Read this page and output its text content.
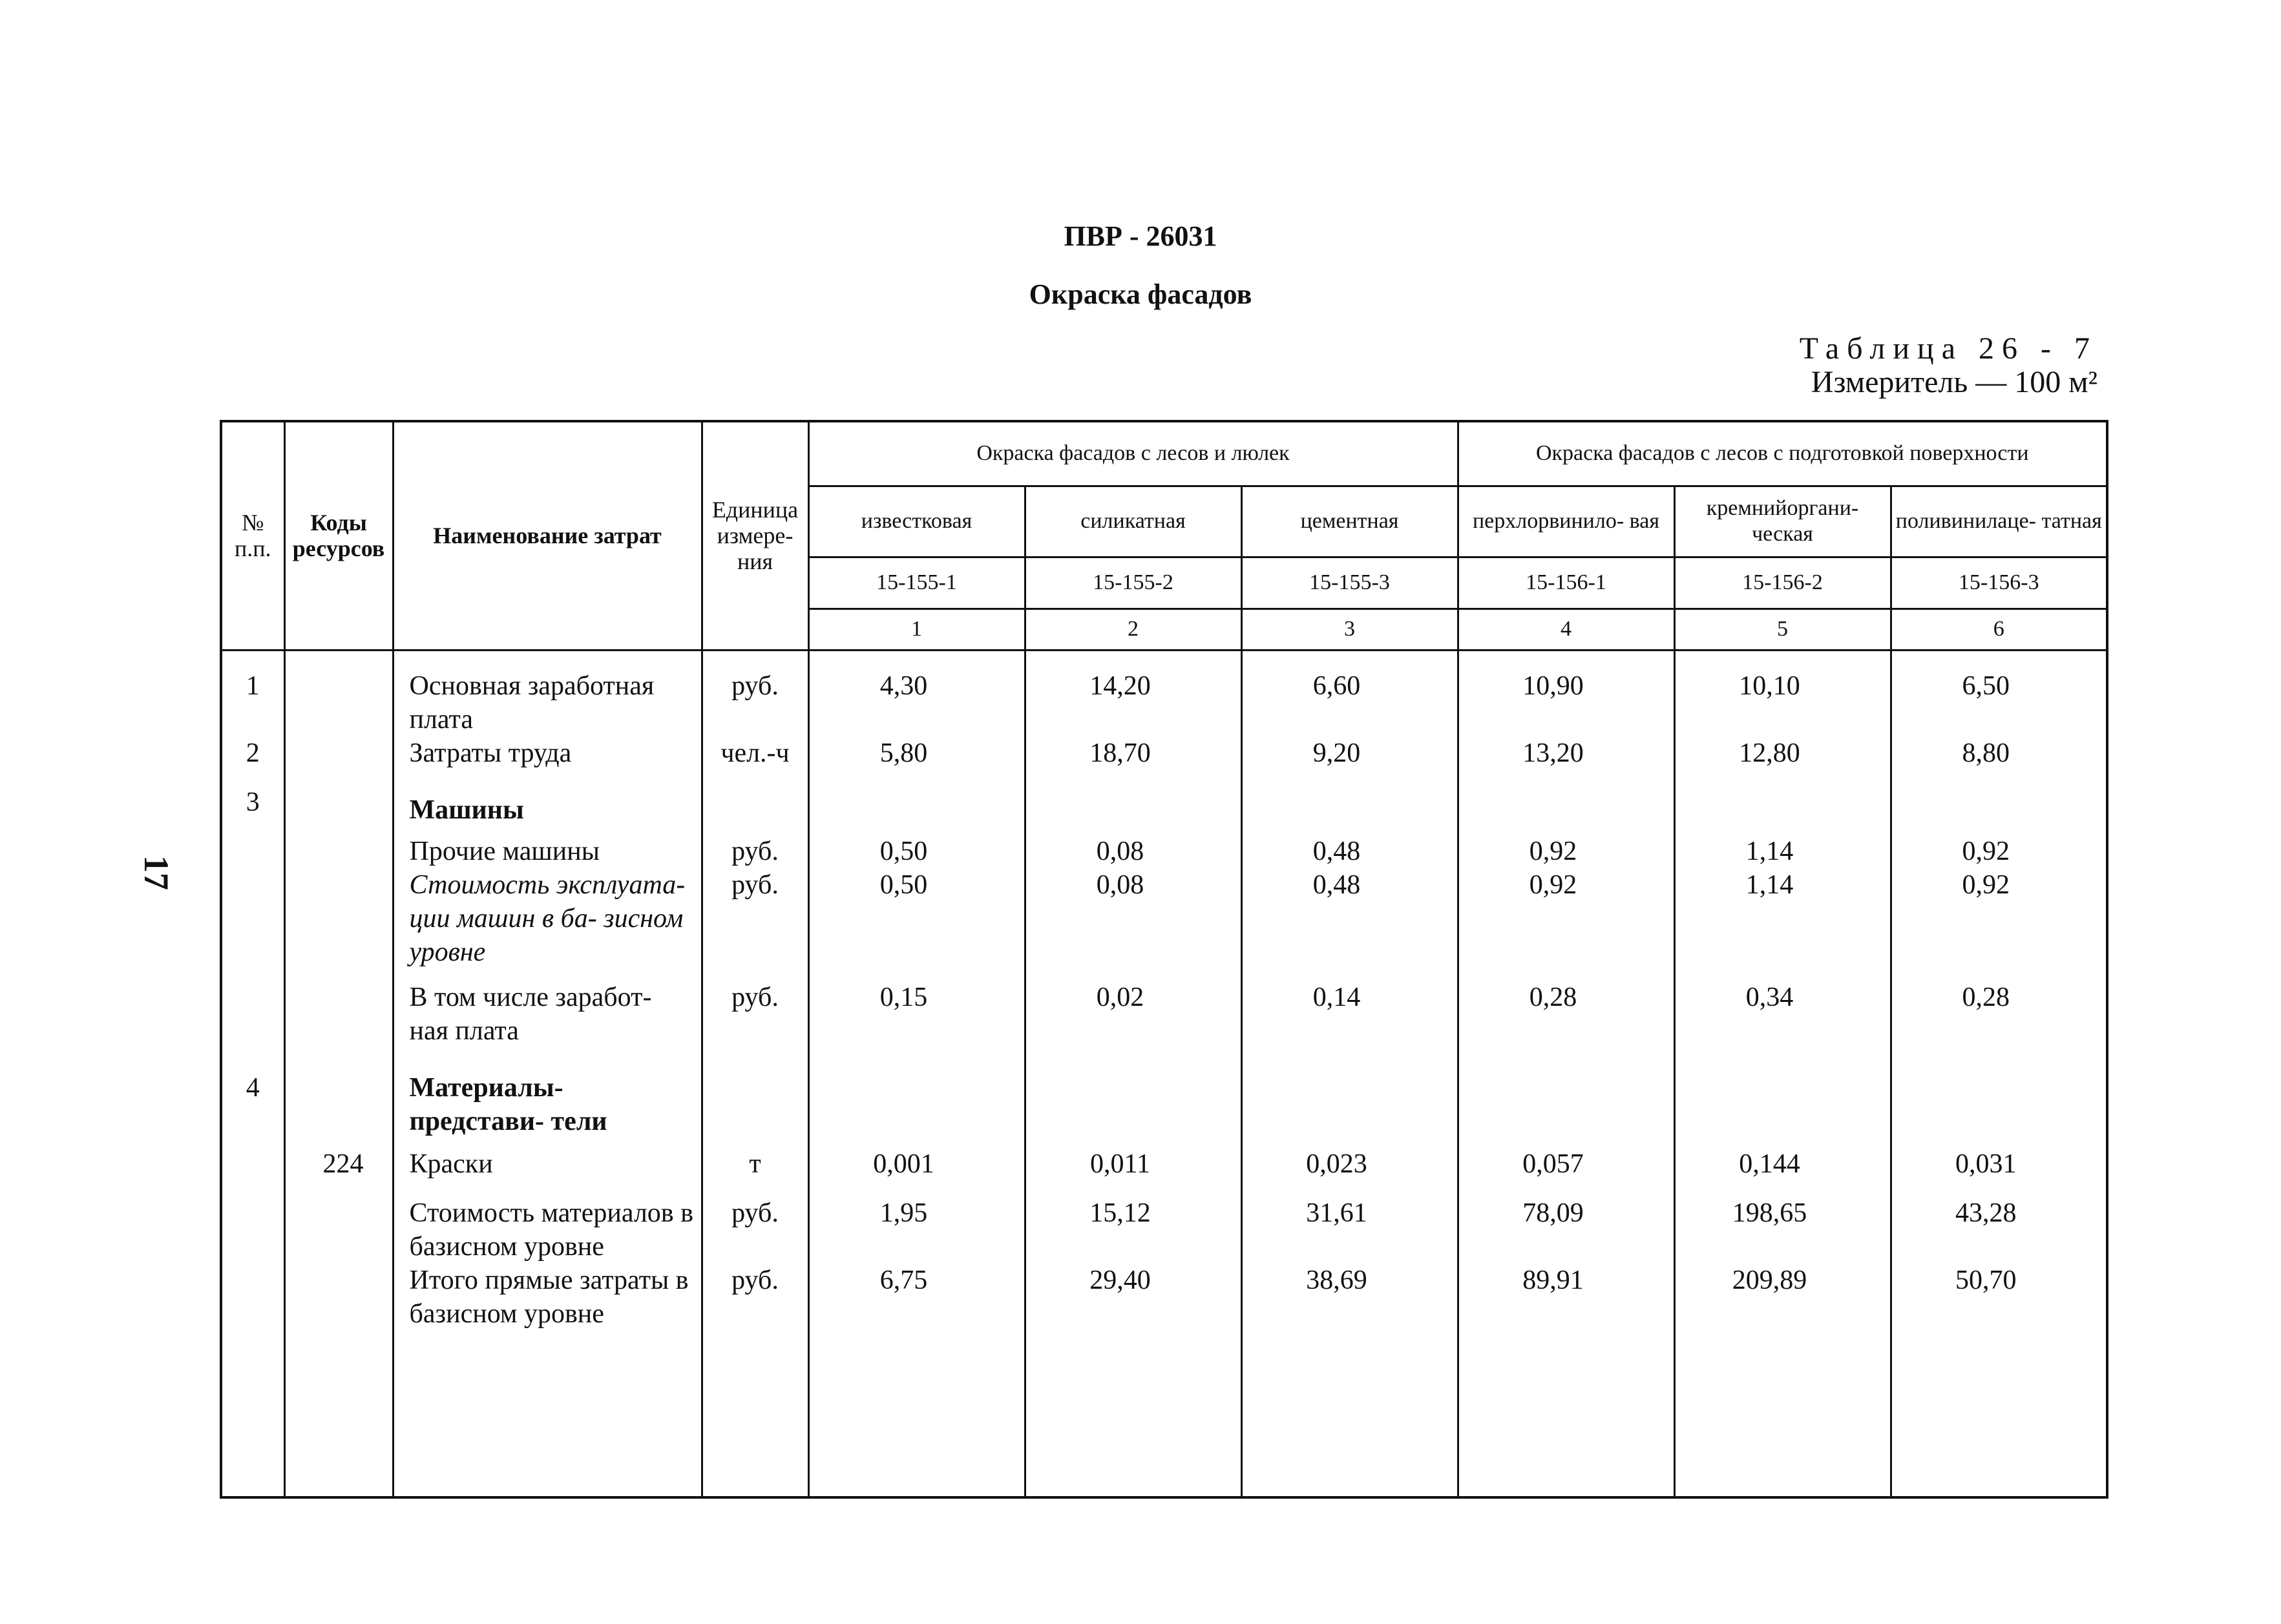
ПВР - 26031
Окраска фасадов
Таблица 26 - 7
Измеритель — 100 м²
17
№ п.п.	Коды ресурсов	Наименование затрат	Единица измере- ния	Окраска фасадов с лесов и люлек			Окраска фасадов с лесов с подготовкой поверхности		
				известковая	силикатная	цементная	перхлорвинило- вая	кремнийоргани- ческая	поливинилаце- татная
				15-155-1	15-155-2	15-155-3	15-156-1	15-156-2	15-156-3
				1	2	3	4	5	6
1		Основная заработная плата	руб.	4,30	14,20	6,60	10,90	10,10	6,50
2		Затраты труда	чел.-ч	5,80	18,70	9,20	13,20	12,80	8,80
3		Машины							
		Прочие машины	руб.	0,50	0,08	0,48	0,92	1,14	0,92
		Стоимость эксплуата- ции машин в ба- зисном уровне	руб.	0,50	0,08	0,48	0,92	1,14	0,92
		В том числе заработ- ная плата	руб.	0,15	0,02	0,14	0,28	0,34	0,28
4		Материалы-представи- тели							
	224	Краски	т	0,001	0,011	0,023	0,057	0,144	0,031
		Стоимость материалов в базисном уровне	руб.	1,95	15,12	31,61	78,09	198,65	43,28
		Итого прямые затраты в базисном уровне	руб.	6,75	29,40	38,69	89,91	209,89	50,70
